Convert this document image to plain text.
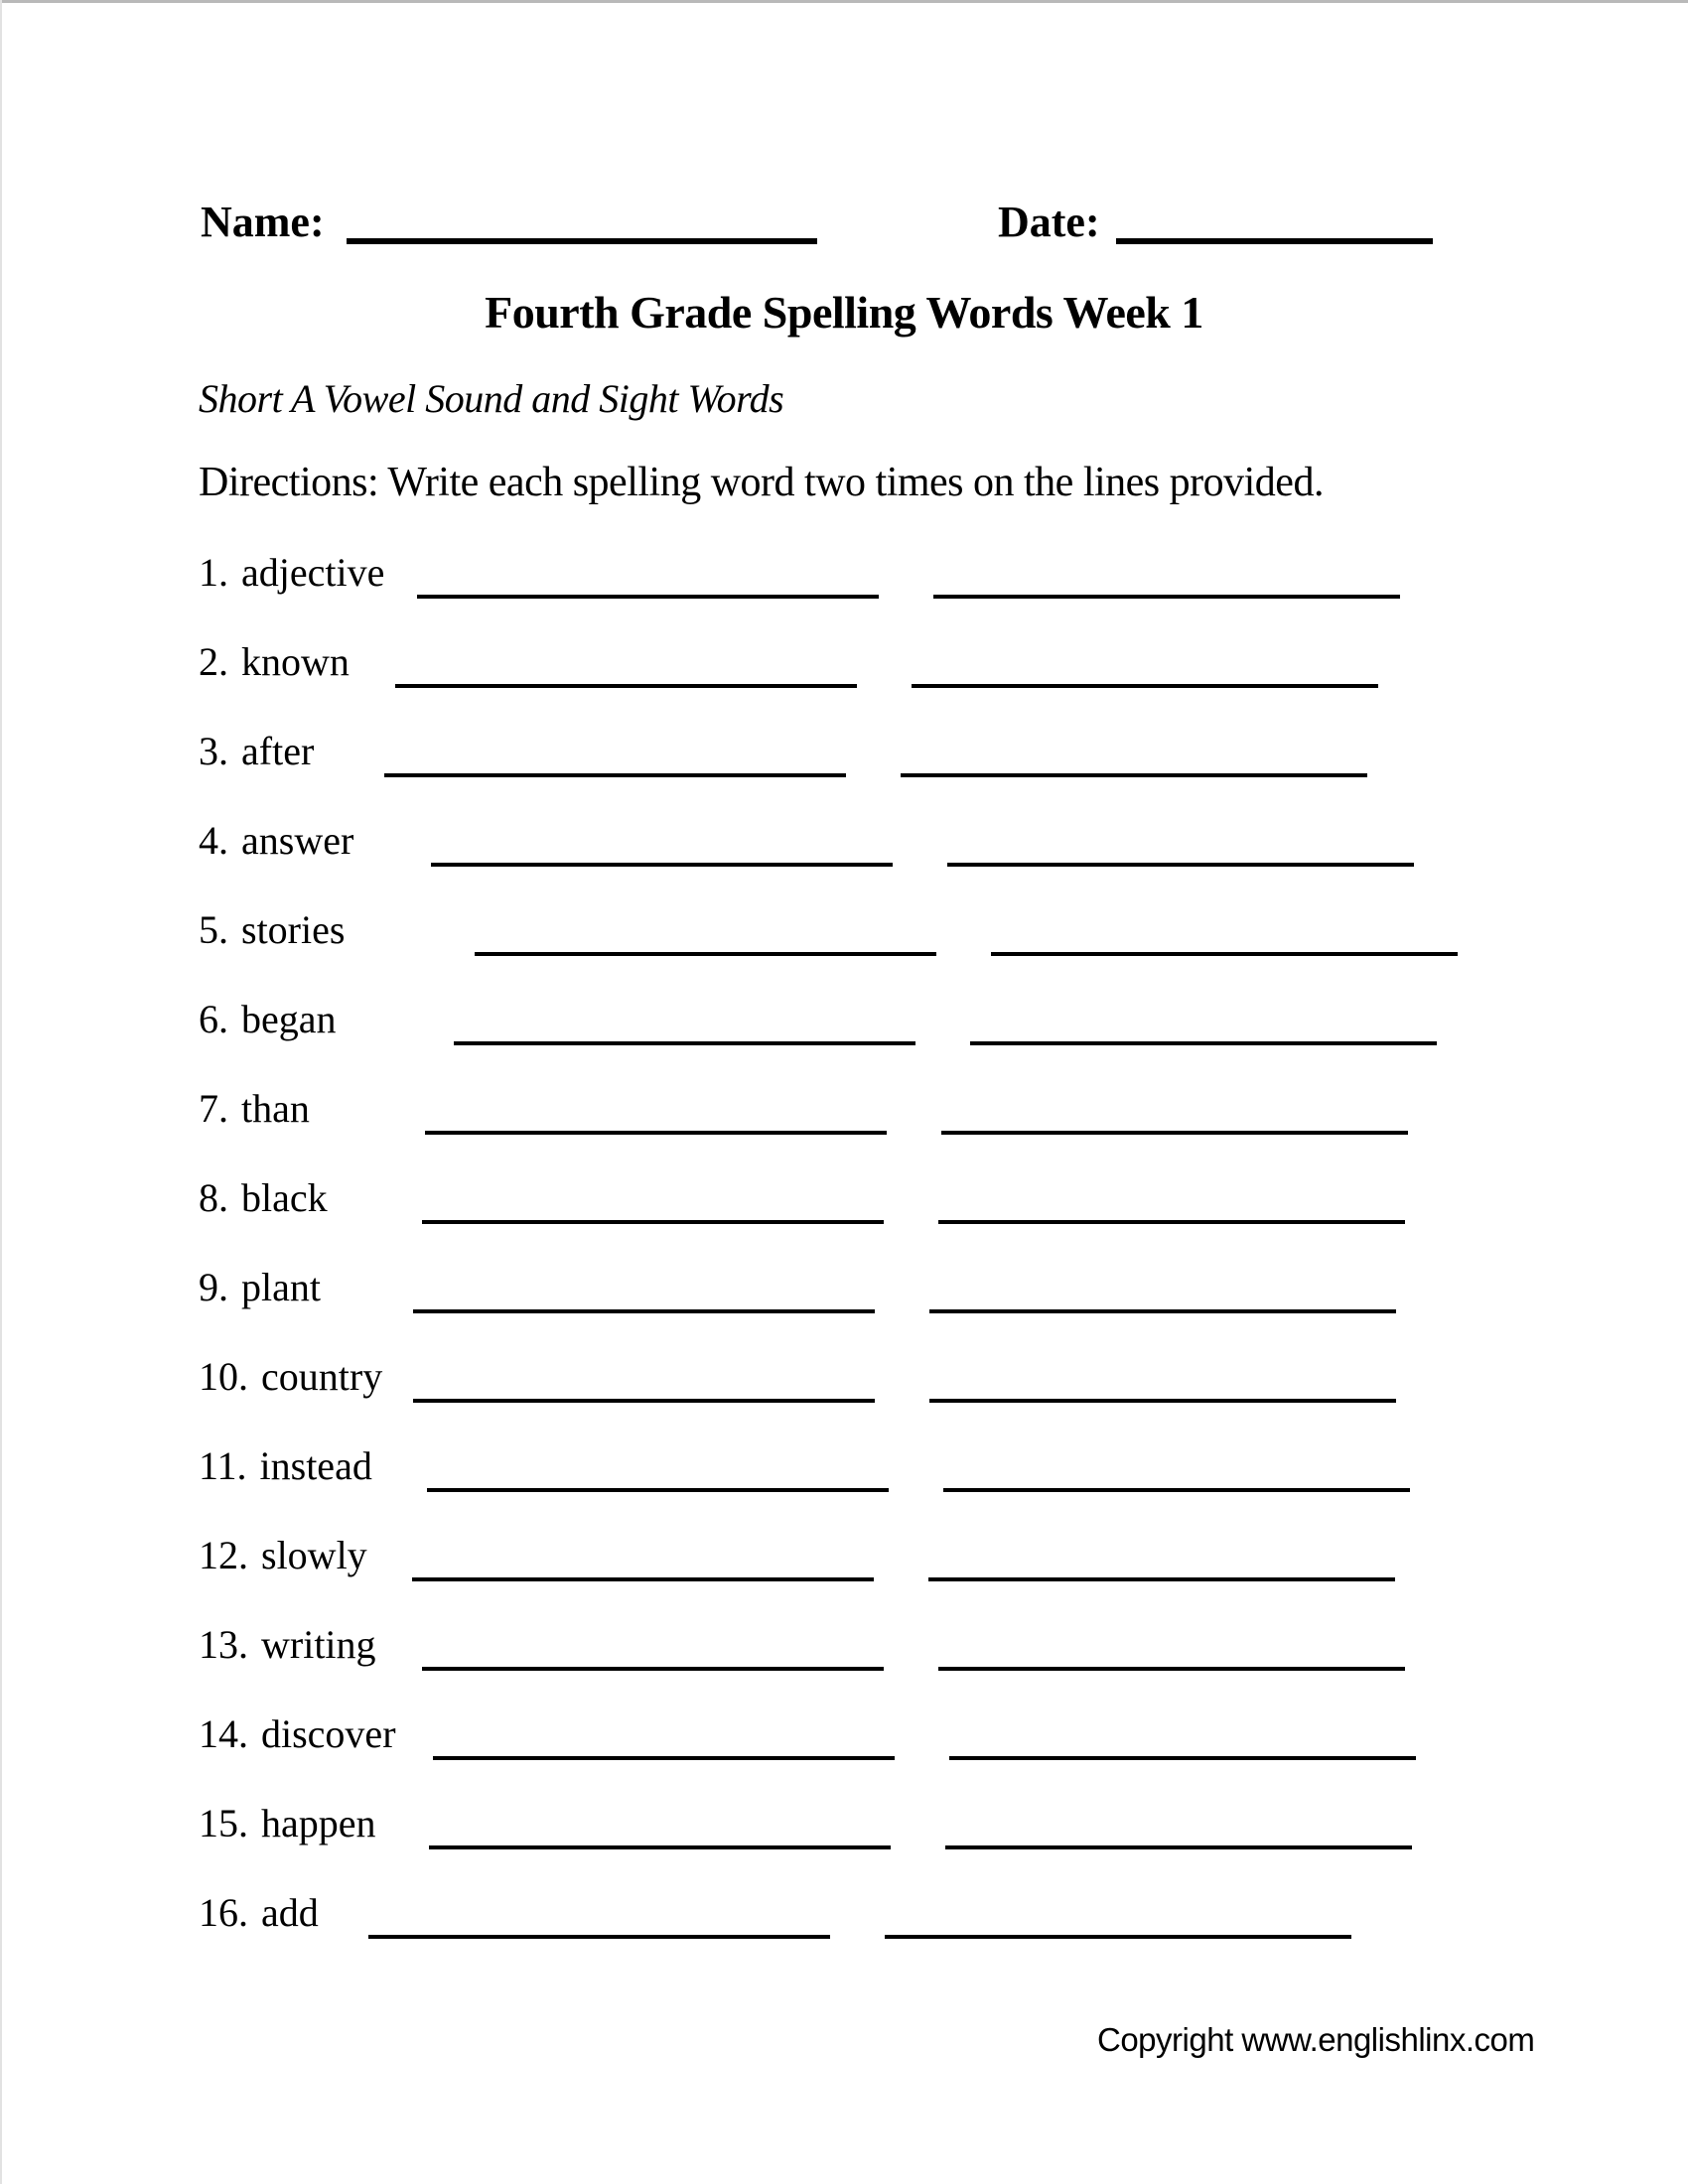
Name:	Date:
Fourth Grade Spelling Words Week 1
Short A Vowel Sound and Sight Words
Directions: Write each spelling word two times on the lines provided.
1. adjective
2. known
3. after
4. answer
5. stories
6. began
7. than
8. black
9. plant
10. country
11. instead
12. slowly
13. writing
14. discover
15. happen
16. add
Copyright www.englishlinx.com
